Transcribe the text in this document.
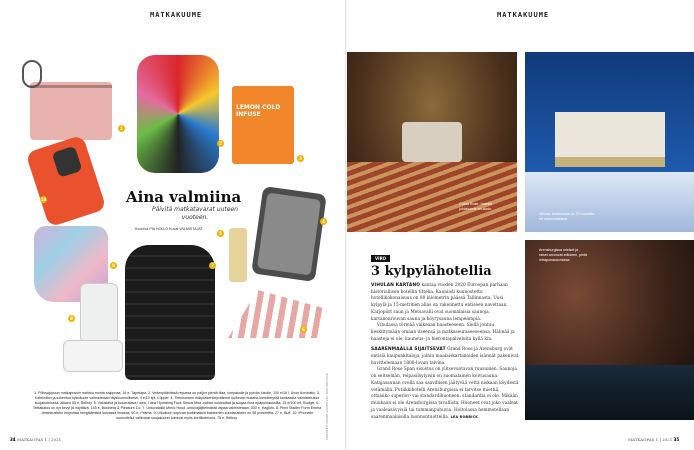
MATKAKUUME
LEMON COLD INFUSE
Aina valmiina
Päivitä matkatavarat uuteen vuoteen.
Koonnut PIA HOLLO Kuvat VALMISTAJAT
1
2
3
4
5
6
7
8
9
10
1. Pölssajopuun matkapussin mahtuu monta saippuaa, 16 e, Tapetapa. 2. Vedenpitävässä repussa on paljon pientä tilaa, lompakolle ja pytvän lukolle, 100 e/16 l, Ucon Acrobatic. 3. Kofeiiniton ja sokeriton kylmäuute valmistetaan täysluonnollisesti, 4 e/10 kpl, Clipper. 4. Tietokoneen etätyöskentelyvälineet kulkevat mukana kierrätetystä kankaasta valmistetussa suojakotelossa, alkaen 55 e, Bellroy. 5. Virkistävä ja kosteuttava I dew, I dew Hydrating Face Serum Mist -suihke kosteuttaa ja suojaa ihoa epäpuhtauksilta, 15 e/100 ml, Budgie. 6. Telttakatos on nyt kevyt ja näyttävä, 145 e, Business & Pleasure Co. 7. Untuvatakki Mimic Hood -untuvajäljitelmästä vapaa valmistetaan, 300 e, Haglöfs. 8. Pieni Stadler Form Emma -ilmankostutin helpottaa hengittämistä kuivassa ilmassa, 60 e, Prisma. 9. Ulkoiluun sopivan tuubimaskin bakteerien suodatusteho on 98 prosenttia, 27 e, Buff. 10. iPhonelle suunnitellut valikoivat suojakuoret toimivat myös korttikotelona, 75 e, Bellroy.	TARKISTETTU KUVAT: VALMISTAJAT, SHUTTERSTOCK
34 MATKAOPAS 1 | 2021
MATKAKUUME
Grand Rose -hotellin juhlahuone on avoin.
Vihulan kartanossa on 75 huonetta eri rakennuksissa.
Arensburgissa mielset ja raiset arvonvat erikseen, pintä infrapunasaunassa.
VIRO
3 kylpylähotellia

VIHULAN KARTANO kantaa vuoden 2020 Euroopan parhaan historiallisen hotellin tittelia. Kauniisti kunnostettu hotellikokonaisuus on 80 kilometrin päässä Tallinnasta. Uusi kylpylä ja 15-metrinen allas on rakennettu entiseen navettaan. Karjopiirt saun ja Metsavahi ovat suomalaisia saunoja, kartanonrouvan sauna ja höyrysauna lempeämpiä.

Vihulassa törmää vaikeaan haasteeseen. Siellä joutuu keskittymään omaan itseensä ja matkaseuraseeseensa. Hälinää ja haasteja ei ole, kauneus- ja hierontapalveluita kyllä kin.

SAARENMAALLA SIJAITSEVAT Grand Rose ja Arensburg ovat entisiä kaupunkitaloja, joihin maalaiskartanoiden isännät pakenivat huvittelemaan 1800-luvun talvina.

Grand Rose Span sisustus on ylitsevuotavan ruusuinen. Saunoja on seitsemän, reipasilöylyisin on suomalainen koivusauna. Katajasaunan ovella saa saavillisen jäätyvää vettä niskaan köydestä vetämällä. Putiikkihotelli Arensburgissa ei tarvitse miettiä, ottaisiko superior- vai standardihuoneen: standardia ei ole. Mikään muukaan ei ole Arensburgissa tavallista. Huoneet ovat joko vaaleat ja vaaleasävyisiä tai tummanpuhuvia. Hoitolassa hemmotellaan saarenmaalaisilla luonnontuotteilla. LEA ROBBICK

MATKAOPAS 1 | 2021 35
